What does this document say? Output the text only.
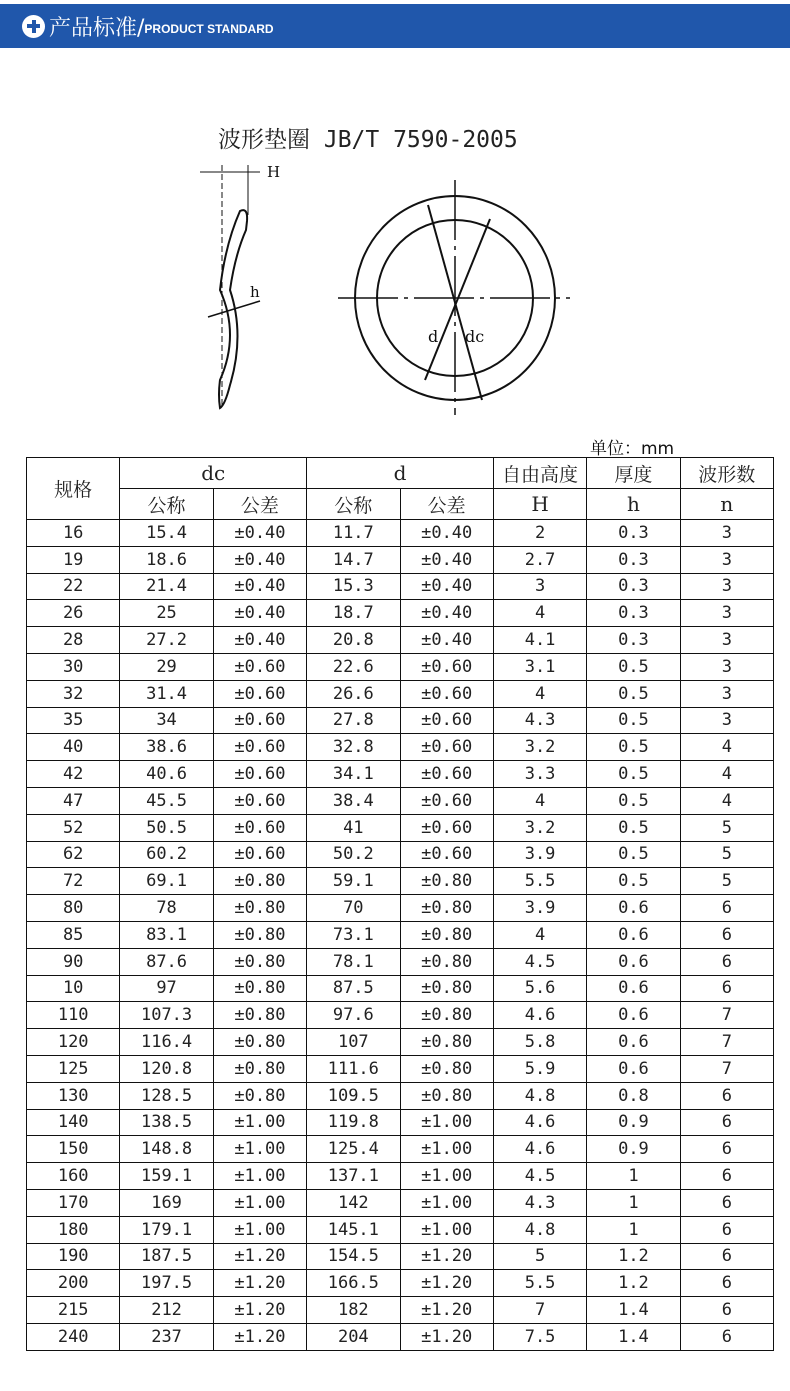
产品标准/ PRODUCT STANDARD
波形垫圈 JB/T 7590-2005
h
H
d dc
单位：mm
规格	dc		d		自由高度	厚度	波形数
	公称	公差	公称	公差	H	h	n
16	15.4	±0.40	11.7	±0.40	2	0.3	3
19	18.6	±0.40	14.7	±0.40	2.7	0.3	3
22	21.4	±0.40	15.3	±0.40	3	0.3	3
26	25	±0.40	18.7	±0.40	4	0.3	3
28	27.2	±0.40	20.8	±0.40	4.1	0.3	3
30	29	±0.60	22.6	±0.60	3.1	0.5	3
32	31.4	±0.60	26.6	±0.60	4	0.5	3
35	34	±0.60	27.8	±0.60	4.3	0.5	3
40	38.6	±0.60	32.8	±0.60	3.2	0.5	4
42	40.6	±0.60	34.1	±0.60	3.3	0.5	4
47	45.5	±0.60	38.4	±0.60	4	0.5	4
52	50.5	±0.60	41	±0.60	3.2	0.5	5
62	60.2	±0.60	50.2	±0.60	3.9	0.5	5
72	69.1	±0.80	59.1	±0.80	5.5	0.5	5
80	78	±0.80	70	±0.80	3.9	0.6	6
85	83.1	±0.80	73.1	±0.80	4	0.6	6
90	87.6	±0.80	78.1	±0.80	4.5	0.6	6
10	97	±0.80	87.5	±0.80	5.6	0.6	6
110	107.3	±0.80	97.6	±0.80	4.6	0.6	7
120	116.4	±0.80	107	±0.80	5.8	0.6	7
125	120.8	±0.80	111.6	±0.80	5.9	0.6	7
130	128.5	±0.80	109.5	±0.80	4.8	0.8	6
140	138.5	±1.00	119.8	±1.00	4.6	0.9	6
150	148.8	±1.00	125.4	±1.00	4.6	0.9	6
160	159.1	±1.00	137.1	±1.00	4.5	1	6
170	169	±1.00	142	±1.00	4.3	1	6
180	179.1	±1.00	145.1	±1.00	4.8	1	6
190	187.5	±1.20	154.5	±1.20	5	1.2	6
200	197.5	±1.20	166.5	±1.20	5.5	1.2	6
215	212	±1.20	182	±1.20	7	1.4	6
240	237	±1.20	204	±1.20	7.5	1.4	6
